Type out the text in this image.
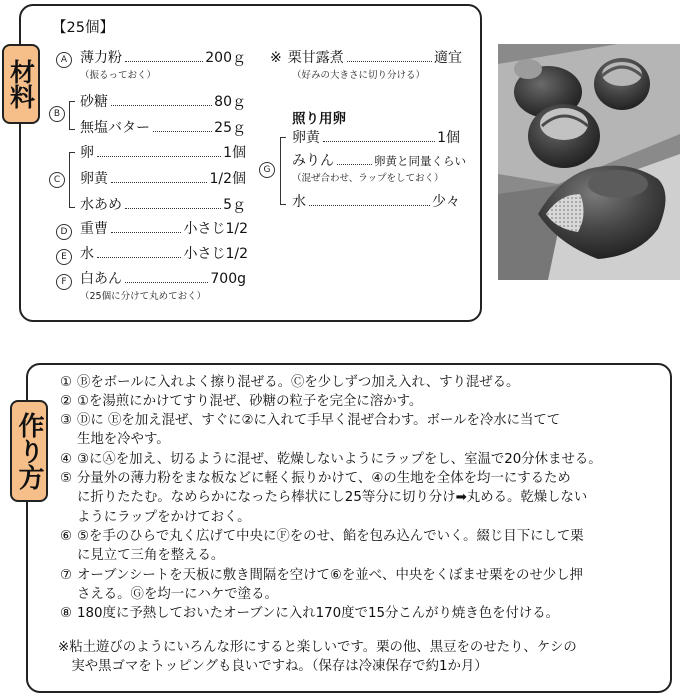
材料
【25個】
A 薄力粉	200ｇ
（振るっておく）
B
砂糖	80ｇ
無塩バター	25ｇ
C
卵	1個
卵黄	1/2個
水あめ	5ｇ
D 重曹	小さじ1/2
E 水	小さじ1/2
F 白あん	700g
（25個に分けて丸めておく）
※ 栗甘露煮	適宜
（好みの大きさに切り分ける）
照り用卵
G
卵黄	1個
みりん	卵黄と同量くらい
（混ぜ合わせ、ラップをしておく）
水	少々
作り方
① Ⓑをボールに入れよく擦り混ぜる。Ⓒを少しずつ加え入れ、すり混ぜる。
② ①を湯煎にかけてすり混ぜ、砂糖の粒子を完全に溶かす。
③ Ⓓに Ⓔを加え混ぜ、すぐに②に入れて手早く混ぜ合わす。ボールを冷水に当てて
生地を冷やす。
④ ③にⒶを加え、切るように混ぜ、乾燥しないようにラップをし、室温で20分休ませる。
⑤ 分量外の薄力粉をまな板などに軽く振りかけて、④の生地を全体を均一にするため
に折りたたむ。なめらかになったら棒状にし25等分に切り分け➡丸める。乾燥しない
ようにラップをかけておく。
⑥ ⑤を手のひらで丸く広げて中央にⒻをのせ、餡を包み込んでいく。綴じ目下にして栗
に見立て三角を整える。
⑦ オーブンシートを天板に敷き間隔を空けて⑥を並べ、中央をくぼませ栗をのせ少し押
さえる。Ⓖを均一にハケで塗る。
⑧ 180度に予熱しておいたオーブンに入れ170度で15分こんがり焼き色を付ける。
※粘土遊びのようにいろんな形にすると楽しいです。栗の他、黒豆をのせたり、ケシの
　実や黒ゴマをトッピングも良いですね。（保存は冷凍保存で約1か月）
